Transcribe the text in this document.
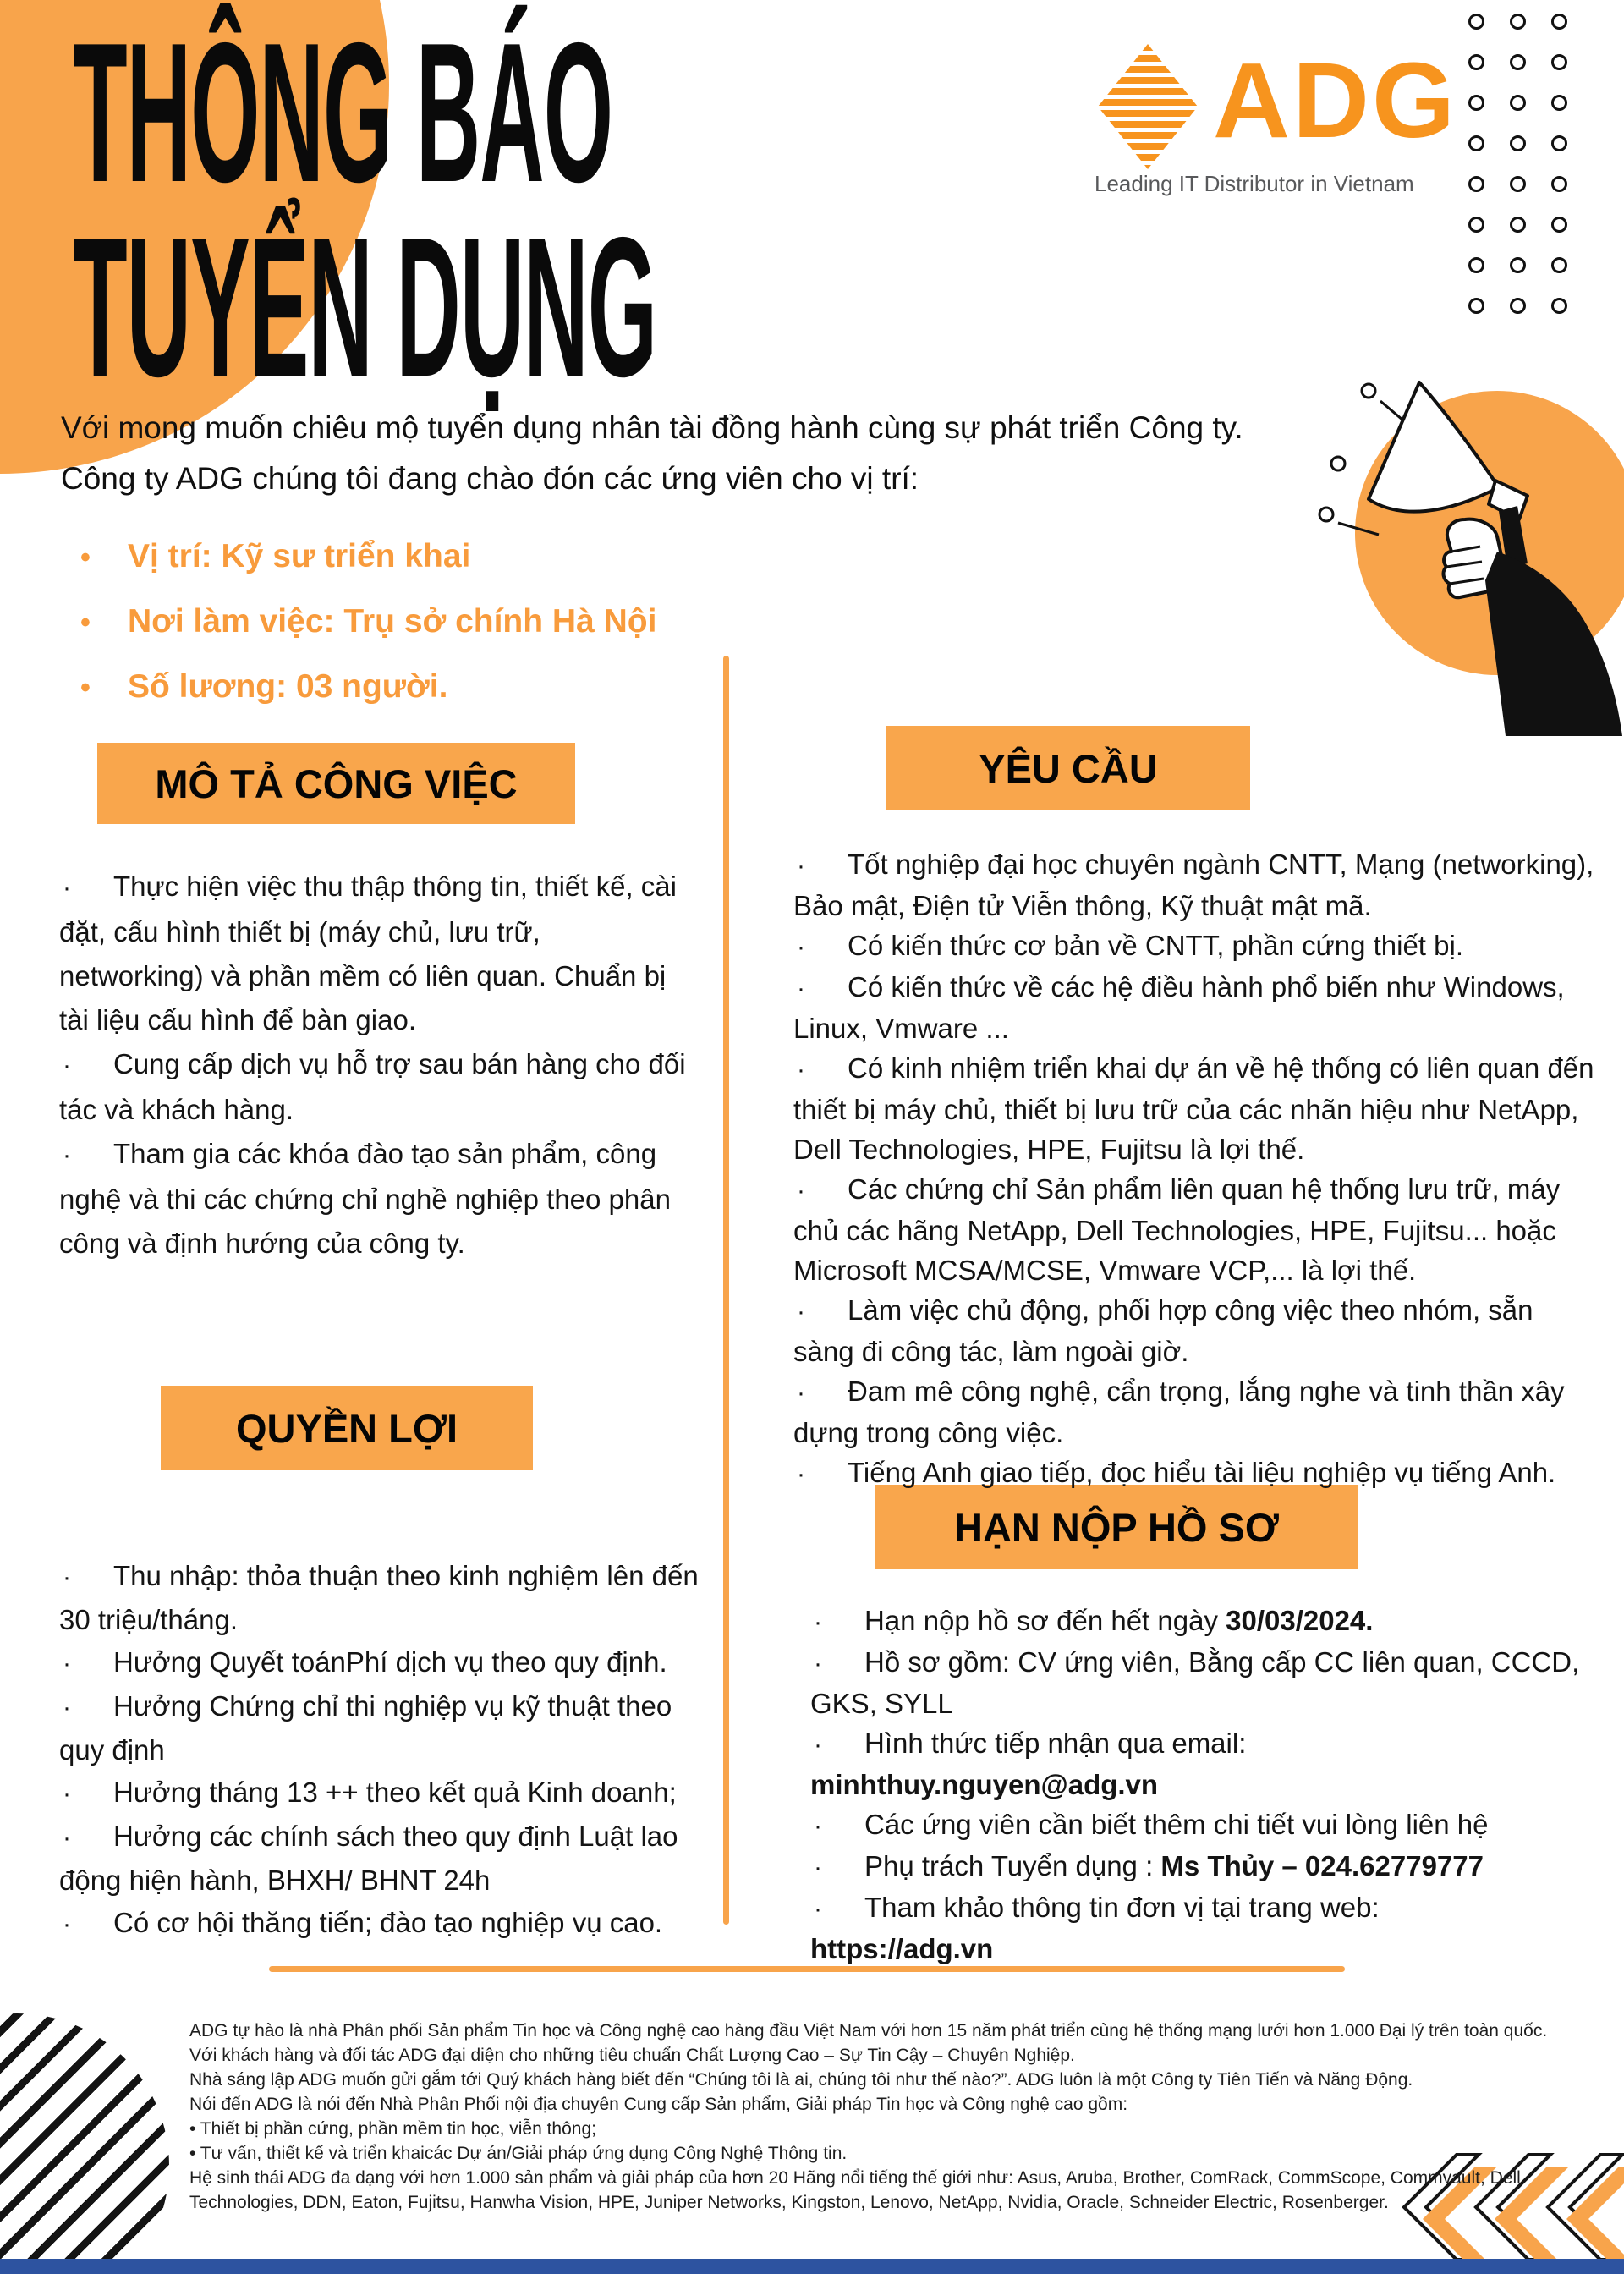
THÔNG BÁO
TUYỂN DỤNG
ADG
Leading IT Distributor in Vietnam
Với mong muốn chiêu mộ tuyển dụng nhân tài đồng hành cùng sự phát triển Công ty.
Công ty ADG chúng tôi đang chào đón các ứng viên cho vị trí:

• Vị trí: Kỹ sư triển khai

• Nơi làm việc: Trụ sở chính Hà Nội

• Số lương: 03 người.

MÔ TẢ CÔNG VIỆC	YÊU CẦU
QUYỀN LỢI
HẠN NỘP HỒ SƠ

· Thực hiện việc thu thập thông tin, thiết kế, cài đặt, cấu hình thiết bị (máy chủ, lưu trữ, networking) và phần mềm có liên quan. Chuẩn bị tài liệu cấu hình để bàn giao.

· Cung cấp dịch vụ hỗ trợ sau bán hàng cho đối tác và khách hàng.

· Tham gia các khóa đào tạo sản phẩm, công nghệ và thi các chứng chỉ nghề nghiệp theo phân công và định hướng của công ty.

· Tốt nghiệp đại học chuyên ngành CNTT, Mạng (networking), Bảo mật, Điện tử Viễn thông, Kỹ thuật mật mã.

· Có kiến thức cơ bản về CNTT, phần cứng thiết bị.

· Có kiến thức về các hệ điều hành phổ biến như Windows, Linux, Vmware ...

· Có kinh nhiệm triển khai dự án về hệ thống có liên quan đến thiết bị máy chủ, thiết bị lưu trữ của các nhãn hiệu như NetApp, Dell Technologies, HPE, Fujitsu là lợi thế.

· Các chứng chỉ Sản phẩm liên quan hệ thống lưu trữ, máy chủ các hãng NetApp, Dell Technologies, HPE, Fujitsu... hoặc Microsoft MCSA/MCSE, Vmware VCP,... là lợi thế.

· Làm việc chủ động, phối hợp công việc theo nhóm, sẵn sàng đi công tác, làm ngoài giờ.

· Đam mê công nghệ, cẩn trọng, lắng nghe và tinh thần xây dựng trong công việc.

· Tiếng Anh giao tiếp, đọc hiểu tài liệu nghiệp vụ tiếng Anh.

· Thu nhập: thỏa thuận theo kinh nghiệm lên đến 30 triệu/tháng.

· Hưởng Quyết toánPhí dịch vụ theo quy định.

· Hưởng Chứng chỉ thi nghiệp vụ kỹ thuật theo quy định

· Hưởng tháng 13 ++ theo kết quả Kinh doanh;

· Hưởng các chính sách theo quy định Luật lao động hiện hành, BHXH/ BHNT 24h

· Có cơ hội thăng tiến; đào tạo nghiệp vụ cao.

· Hạn nộp hồ sơ đến hết ngày 30/03/2024.

· Hồ sơ gồm: CV ứng viên, Bằng cấp CC liên quan, CCCD, GKS, SYLL

· Hình thức tiếp nhận qua email:

minhthuy.nguyen@adg.vn

· Các ứng viên cần biết thêm chi tiết vui lòng liên hệ

· Phụ trách Tuyển dụng : Ms Thủy – 024.62779777

· Tham khảo thông tin đơn vị tại trang web:

https://adg.vn

ADG tự hào là nhà Phân phối Sản phẩm Tin học và Công nghệ cao hàng đầu Việt Nam với hơn 15 năm phát triển cùng hệ thống mạng lưới hơn 1.000 Đại lý trên toàn quốc.

Với khách hàng và đối tác ADG đại diện cho những tiêu chuẩn Chất Lượng Cao – Sự Tin Cậy – Chuyên Nghiệp.

Nhà sáng lập ADG muốn gửi gắm tới Quý khách hàng biết đến “Chúng tôi là ai, chúng tôi như thế nào?”. ADG luôn là một Công ty Tiên Tiến và Năng Động.

Nói đến ADG là nói đến Nhà Phân Phối nội địa chuyên Cung cấp Sản phẩm, Giải pháp Tin học và Công nghệ cao gồm:

• Thiết bị phần cứng, phần mềm tin học, viễn thông;

• Tư vấn, thiết kế và triển khaicác Dự án/Giải pháp ứng dụng Công Nghệ Thông tin.

Hệ sinh thái ADG đa dạng với hơn 1.000 sản phẩm và giải pháp của hơn 20 Hãng nổi tiếng thế giới như: Asus, Aruba, Brother, ComRack, CommScope, Commvault, Dell Technologies, DDN, Eaton, Fujitsu, Hanwha Vision, HPE, Juniper Networks, Kingston, Lenovo, NetApp, Nvidia, Oracle, Schneider Electric, Rosenberger.
